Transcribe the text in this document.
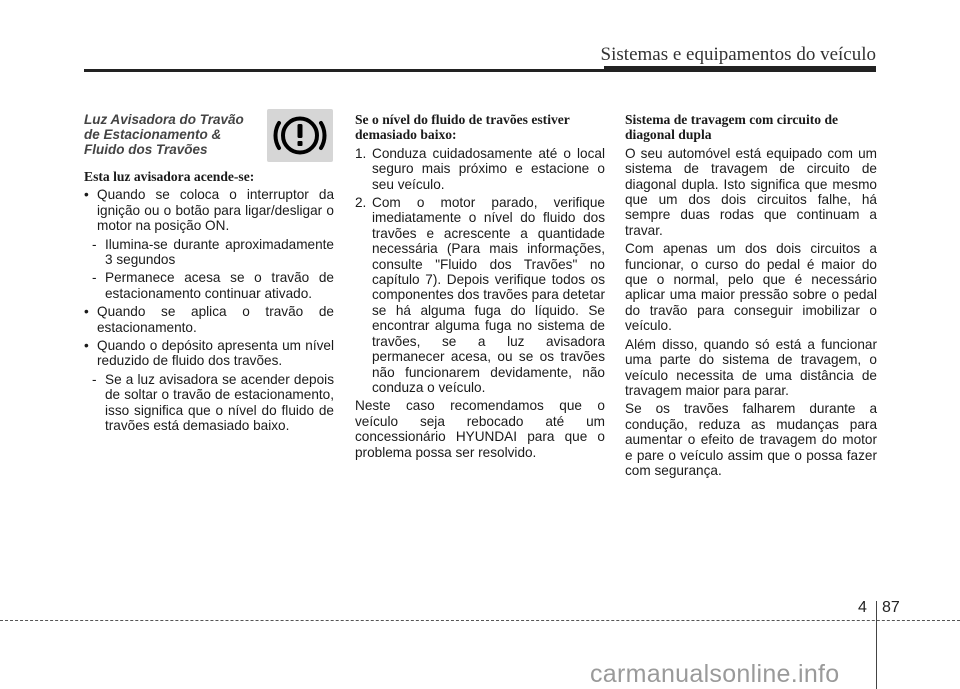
Sistemas e equipamentos do veículo
Luz Avisadora do Travão de Estacionamento & Fluido dos Travões
Esta luz avisadora acende-se:
• Quando se coloca o interruptor da ignição ou o botão para ligar/desligar o motor na posição ON.
- Ilumina-se durante aproximadamente 3 segundos
- Permanece acesa se o travão de estacionamento continuar ativado.
• Quando se aplica o travão de estacionamento.
• Quando o depósito apresenta um nível reduzido de fluido dos travões.
- Se a luz avisadora se acender depois de soltar o travão de estacionamento, isso significa que o nível do fluido de travões está demasiado baixo.
Se o nível do fluido de travões estiver demasiado baixo:
1. Conduza cuidadosamente até o local seguro mais próximo e estacione o seu veículo.
2. Com o motor parado, verifique imediatamente o nível do fluido dos travões e acrescente a quantidade necessária (Para mais informações, consulte "Fluido dos Travões" no capítulo 7). Depois verifique todos os componentes dos travões para detetar se há alguma fuga do líquido. Se encontrar alguma fuga no sistema de travões, se a luz avisadora permanecer acesa, ou se os travões não funcionarem devidamente, não conduza o veículo.

Neste caso recomendamos que o veículo seja rebocado até um concessionário HYUNDAI para que o problema possa ser resolvido.

Sistema de travagem com circuito de diagonal dupla

O seu automóvel está equipado com um sistema de travagem de circuito de diagonal dupla. Isto significa que mesmo que um dos dois circuitos falhe, há sempre duas rodas que continuam a travar.

Com apenas um dos dois circuitos a funcionar, o curso do pedal é maior do que o normal, pelo que é necessário aplicar uma maior pressão sobre o pedal do travão para conseguir imobilizar o veículo.

Além disso, quando só está a funcionar uma parte do sistema de travagem, o veículo necessita de uma distância de travagem maior para parar.

Se os travões falharem durante a condução, reduza as mudanças para aumentar o efeito de travagem do motor e pare o veículo assim que o possa fazer com segurança.

4 87
carmanualsonline.info
